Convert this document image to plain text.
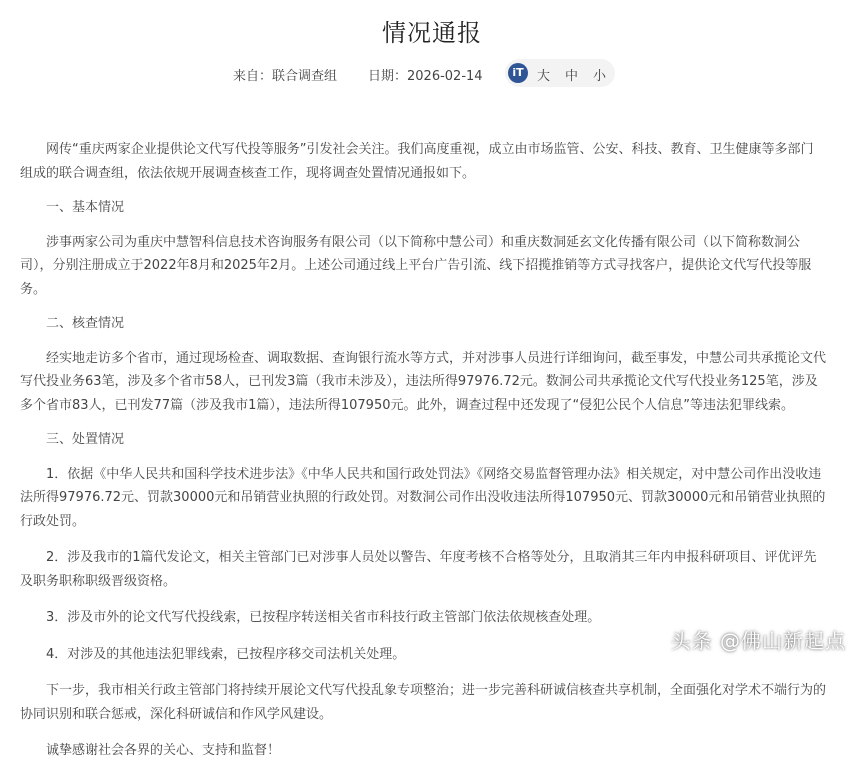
情况通报
来自：联合调查组 日期：2026-02-14	iT	大 中 小

网传“重庆两家企业提供论文代写代投等服务”引发社会关注。我们高度重视，成立由市场监管、公安、科技、教育、卫生健康等多部门组成的联合调查组，依法依规开展调查核查工作，现将调查处置情况通报如下。

一、基本情况

涉事两家公司为重庆中慧智科信息技术咨询服务有限公司（以下简称中慧公司）和重庆数洞延玄文化传播有限公司（以下简称数洞公司），分别注册成立于2022年8月和2025年2月。上述公司通过线上平台广告引流、线下招揽推销等方式寻找客户，提供论文代写代投等服务。

二、核查情况

经实地走访多个省市，通过现场检查、调取数据、查询银行流水等方式，并对涉事人员进行详细询问，截至事发，中慧公司共承揽论文代写代投业务63笔，涉及多个省市58人，已刊发3篇（我市未涉及），违法所得97976.72元。数洞公司共承揽论文代写代投业务125笔，涉及多个省市83人，已刊发77篇（涉及我市1篇），违法所得107950元。此外，调查过程中还发现了“侵犯公民个人信息”等违法犯罪线索。

三、处置情况

1．依据《中华人民共和国科学技术进步法》《中华人民共和国行政处罚法》《网络交易监督管理办法》相关规定，对中慧公司作出没收违法所得97976.72元、罚款30000元和吊销营业执照的行政处罚。对数洞公司作出没收违法所得107950元、罚款30000元和吊销营业执照的行政处罚。

2．涉及我市的1篇代发论文，相关主管部门已对涉事人员处以警告、年度考核不合格等处分，且取消其三年内申报科研项目、评优评先及职务职称职级晋级资格。

3．涉及市外的论文代写代投线索，已按程序转送相关省市科技行政主管部门依法依规核查处理。

4．对涉及的其他违法犯罪线索，已按程序移交司法机关处理。

下一步，我市相关行政主管部门将持续开展论文代写代投乱象专项整治；进一步完善科研诚信核查共享机制，全面强化对学术不端行为的协同识别和联合惩戒，深化科研诚信和作风学风建设。

诚挚感谢社会各界的关心、支持和监督！

头条 @佛山新起点
